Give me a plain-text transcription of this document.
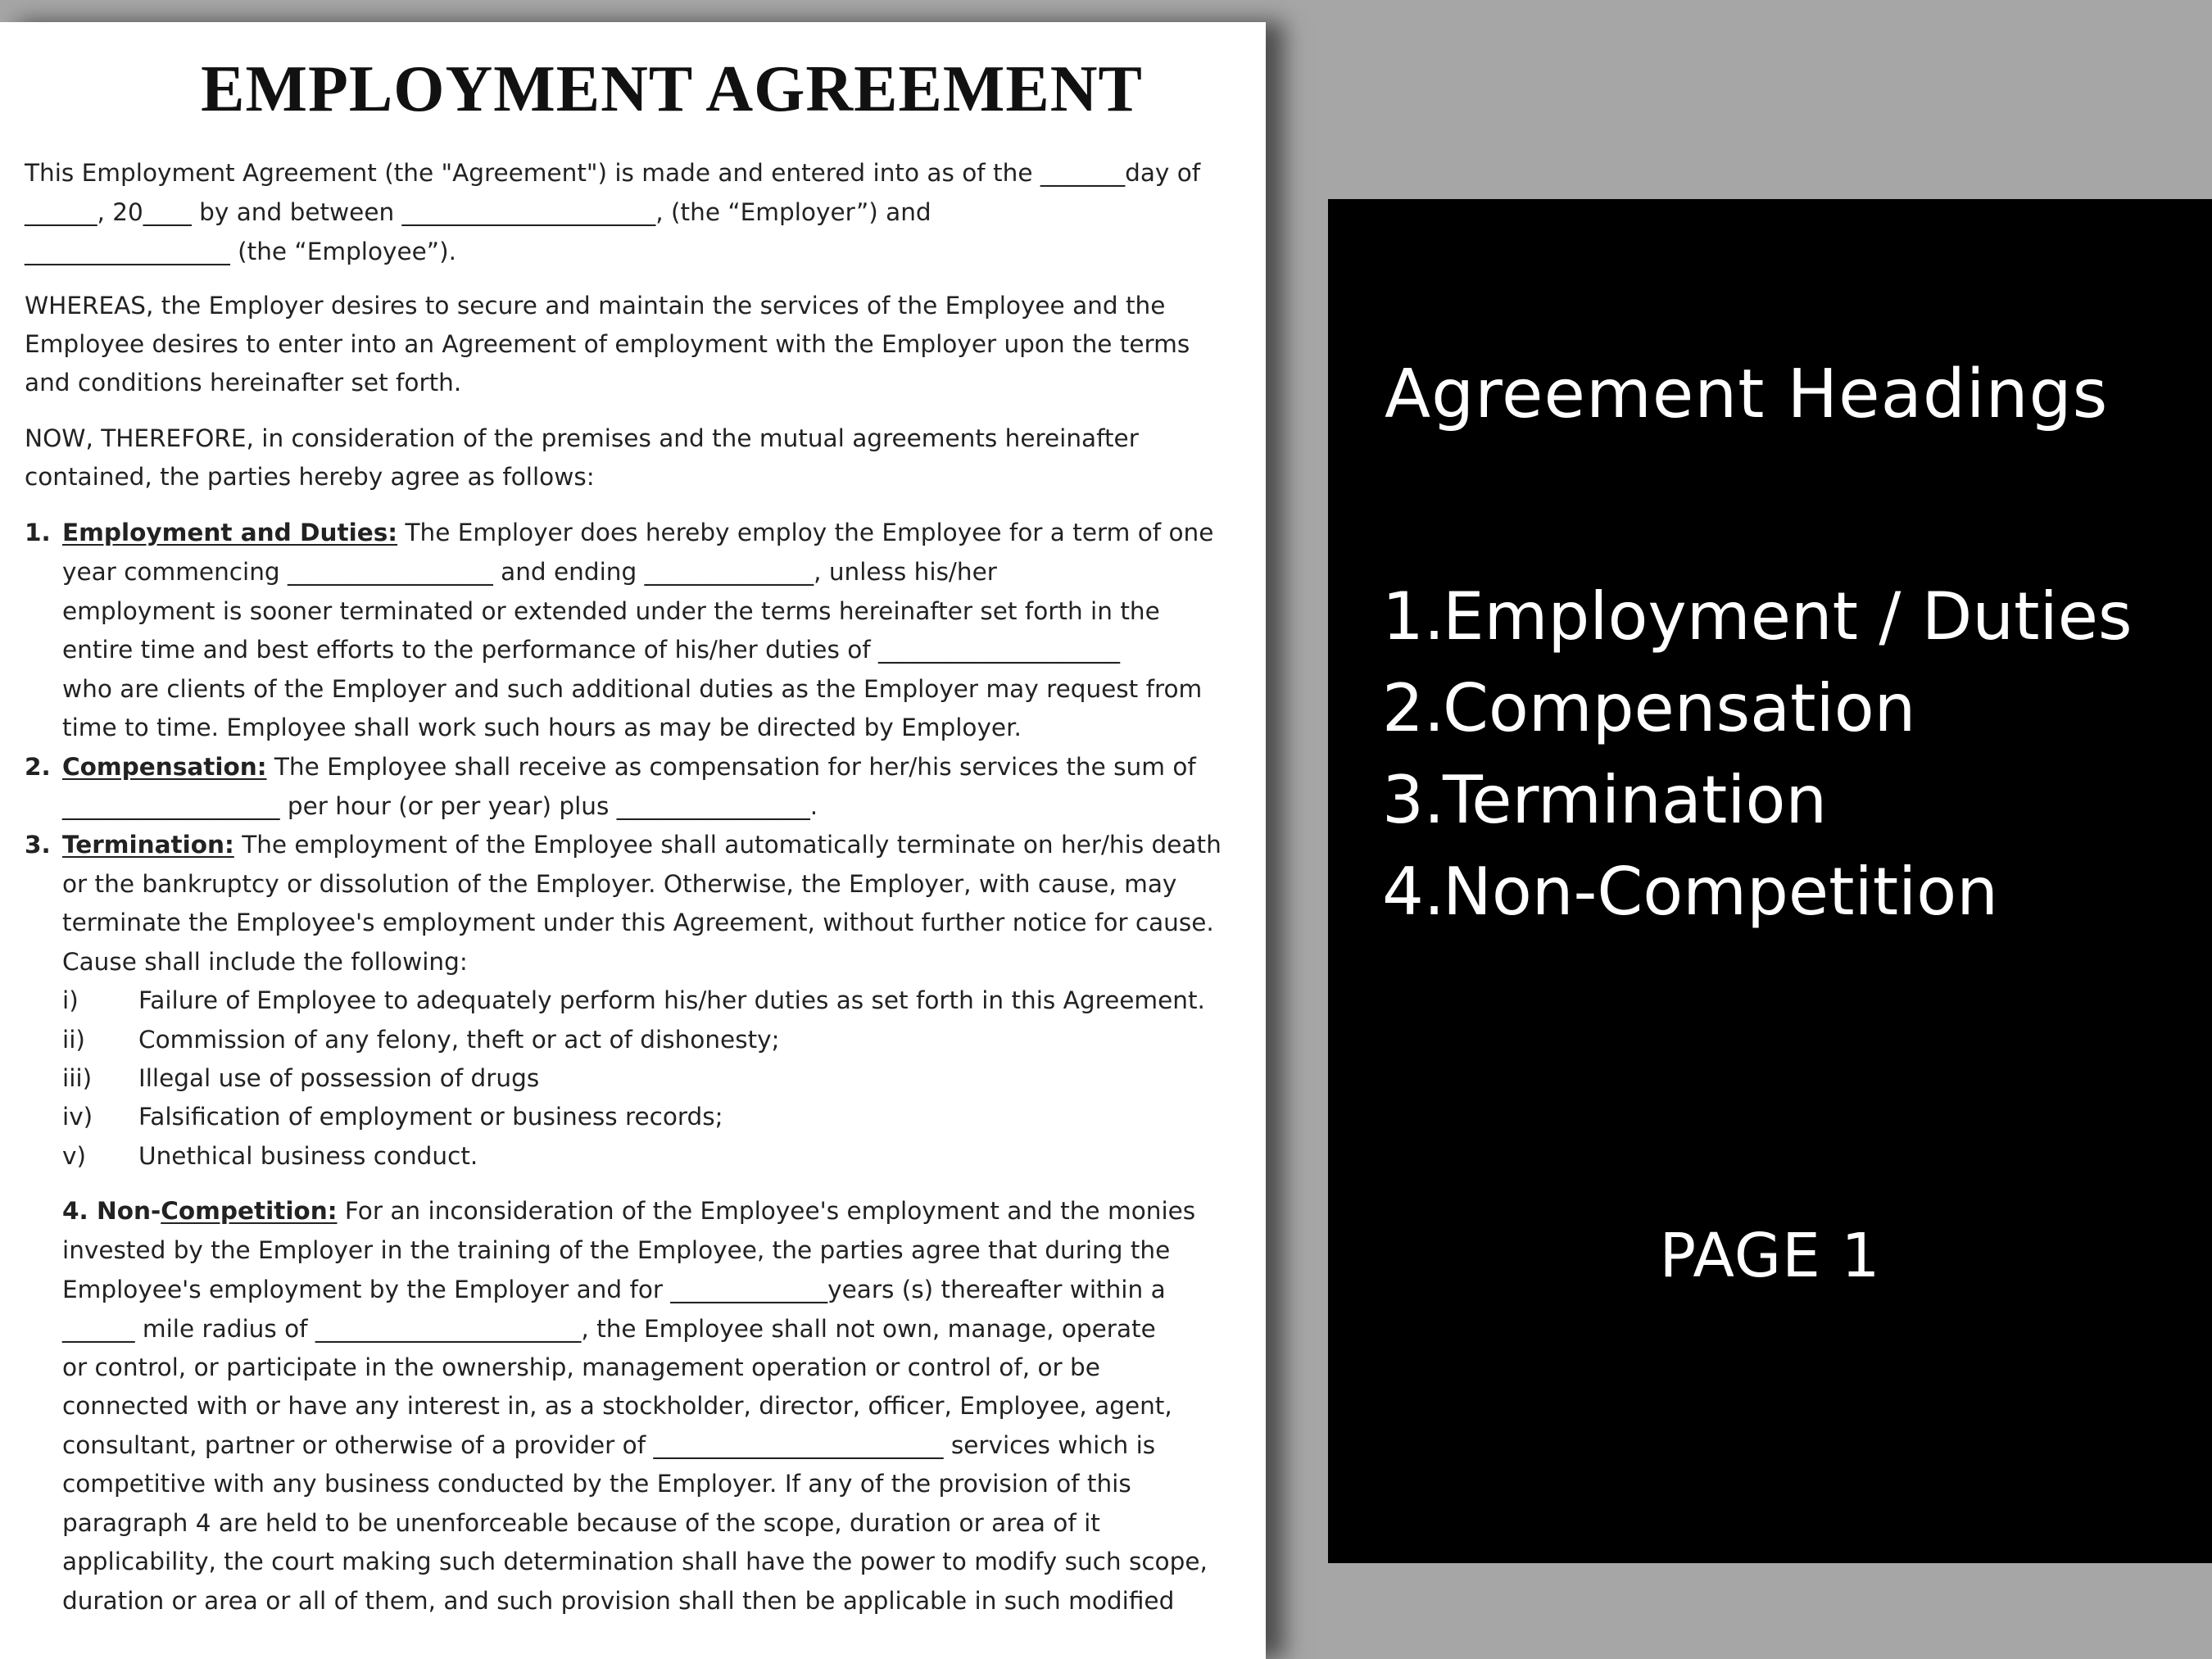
EMPLOYMENT AGREEMENT
This Employment Agreement (the "Agreement") is made and entered into as of the _______day of
______, 20____ by and between _____________________, (the “Employer”) and
_________________ (the “Employee”).
WHEREAS, the Employer desires to secure and maintain the services of the Employee and the
Employee desires to enter into an Agreement of employment with the Employer upon the terms
and conditions hereinafter set forth.
NOW, THEREFORE, in consideration of the premises and the mutual agreements hereinafter
contained, the parties hereby agree as follows:
1. Employment and Duties: The Employer does hereby employ the Employee for a term of one
year commencing _________________ and ending ______________, unless his/her
employment is sooner terminated or extended under the terms hereinafter set forth in the
entire time and best efforts to the performance of his/her duties of ____________________
who are clients of the Employer and such additional duties as the Employer may request from
time to time. Employee shall work such hours as may be directed by Employer.
2. Compensation: The Employee shall receive as compensation for her/his services the sum of
__________________ per hour (or per year) plus ________________.
3. Termination: The employment of the Employee shall automatically terminate on her/his death
or the bankruptcy or dissolution of the Employer. Otherwise, the Employer, with cause, may
terminate the Employee's employment under this Agreement, without further notice for cause.
Cause shall include the following:
i) Failure of Employee to adequately perform his/her duties as set forth in this Agreement.
ii) Commission of any felony, theft or act of dishonesty;
iii) Illegal use of possession of drugs
iv) Falsification of employment or business records;
v) Unethical business conduct.
4. Non-Competition: For an inconsideration of the Employee's employment and the monies
invested by the Employer in the training of the Employee, the parties agree that during the
Employee's employment by the Employer and for _____________years (s) thereafter within a
______ mile radius of ______________________, the Employee shall not own, manage, operate
or control, or participate in the ownership, management operation or control of, or be
connected with or have any interest in, as a stockholder, director, officer, Employee, agent,
consultant, partner or otherwise of a provider of ________________________ services which is
competitive with any business conducted by the Employer. If any of the provision of this
paragraph 4 are held to be unenforceable because of the scope, duration or area of it
applicability, the court making such determination shall have the power to modify such scope,
duration or area or all of them, and such provision shall then be applicable in such modified
Agreement Headings
1.Employment / Duties
2.Compensation
3.Termination
4.Non-Competition
PAGE 1
